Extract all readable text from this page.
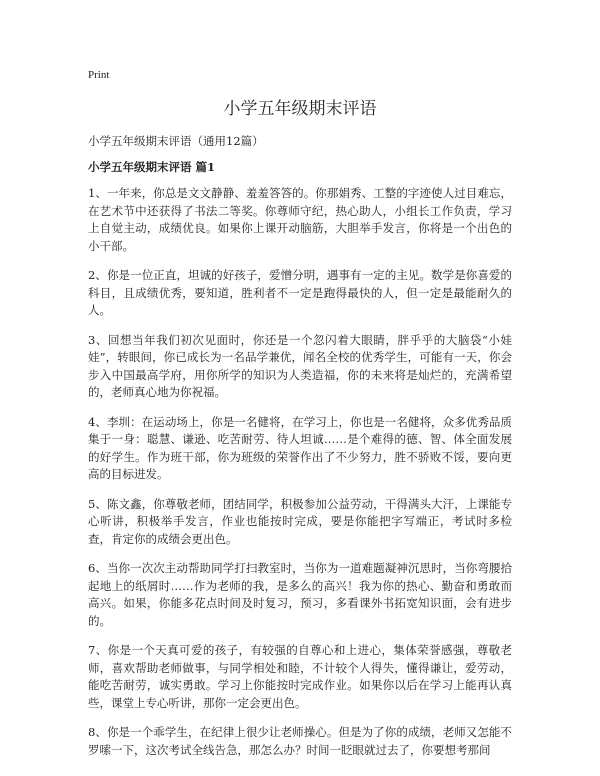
Print
小学五年级期末评语
小学五年级期末评语（通用12篇）
小学五年级期末评语 篇1

1、一年来，你总是文文静静、羞羞答答的。你那娟秀、工整的字迹使人过目难忘，在艺术节中还获得了书法二等奖。你尊师守纪，热心助人，小组长工作负责，学习上自觉主动，成绩优良。如果你上课开动脑筋，大胆举手发言，你将是一个出色的小干部。

2、你是一位正直，坦诚的好孩子，爱憎分明，遇事有一定的主见。数学是你喜爱的科目，且成绩优秀，要知道，胜利者不一定是跑得最快的人，但一定是最能耐久的人。

3、回想当年我们初次见面时，你还是一个忽闪着大眼睛，胖乎乎的大脑袋“小娃娃”，转眼间，你已成长为一名品学兼优，闻名全校的优秀学生，可能有一天，你会步入中国最高学府，用你所学的知识为人类造福，你的未来将是灿烂的，充满希望的，老师真心地为你祝福。

4、李圳：在运动场上，你是一名健将，在学习上，你也是一名健将，众多优秀品质集于一身：聪慧、谦逊、吃苦耐劳、待人坦诚……是个难得的德、智、体全面发展的好学生。作为班干部，你为班级的荣誉作出了不少努力，胜不骄败不馁，要向更高的目标进发。

5、陈文鑫，你尊敬老师，团结同学，积极参加公益劳动，干得满头大汗，上课能专心听讲，积极举手发言，作业也能按时完成，要是你能把字写端正，考试时多检查，肯定你的成绩会更出色。

6、当你一次次主动帮助同学打扫教室时，当你为一道难题凝神沉思时，当你弯腰拾起地上的纸屑时……作为老师的我，是多么的高兴！我为你的热心、勤奋和勇敢而高兴。如果，你能多花点时间及时复习，预习，多看课外书拓宽知识面，会有进步的。

7、你是一个天真可爱的孩子，有较强的自尊心和上进心，集体荣誉感强，尊敬老师，喜欢帮助老师做事，与同学相处和睦，不计较个人得失，懂得谦让，爱劳动，能吃苦耐劳，诚实勇敢。学习上你能按时完成作业。如果你以后在学习上能再认真些，课堂上专心听讲，那你一定会更出色。

8、你是一个乖学生，在纪律上很少让老师操心。但是为了你的成绩，老师又怎能不罗嗦一下，这次考试全线告急，那怎么办？时间一眨眼就过去了，你要想考那间
